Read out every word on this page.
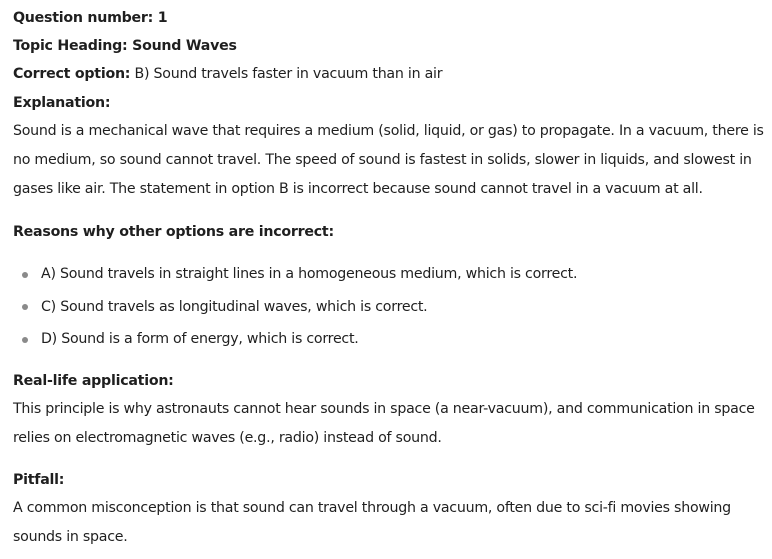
Question number: 1
Topic Heading: Sound Waves
Correct option: B) Sound travels faster in vacuum than in air
Explanation:
Sound is a mechanical wave that requires a medium (solid, liquid, or gas) to propagate. In a vacuum, there is no medium, so sound cannot travel. The speed of sound is fastest in solids, slower in liquids, and slowest in gases like air. The statement in option B is incorrect because sound cannot travel in a vacuum at all.
Reasons why other options are incorrect:
A) Sound travels in straight lines in a homogeneous medium, which is correct.
C) Sound travels as longitudinal waves, which is correct.
D) Sound is a form of energy, which is correct.
Real-life application:
This principle is why astronauts cannot hear sounds in space (a near-vacuum), and communication in space relies on electromagnetic waves (e.g., radio) instead of sound.
Pitfall:
A common misconception is that sound can travel through a vacuum, often due to sci-fi movies showing sounds in space.
